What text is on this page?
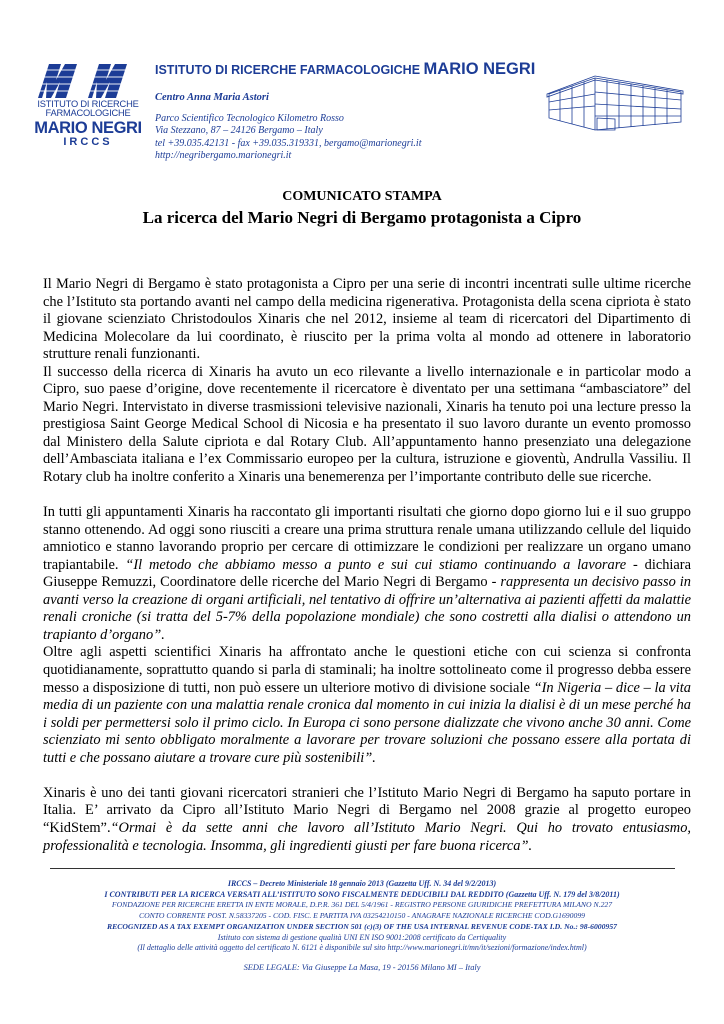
ISTITUTO DI RICERCHE
FARMACOLOGICHE
MARIO NEGRI
IRCCS
ISTITUTO DI RICERCHE FARMACOLOGICHE MARIO NEGRI
Centro Anna Maria Astori
Parco Scientifico Tecnologico Kilometro Rosso
Via Stezzano, 87 – 24126 Bergamo – Italy
tel +39.035.42131 - fax +39.035.319331, bergamo@marionegri.it
http://negribergamo.marionegri.it
COMUNICATO STAMPA
La ricerca del Mario Negri di Bergamo protagonista a Cipro

Il Mario Negri di Bergamo è stato protagonista a Cipro per una serie di incontri incentrati sulle ultime ricerche che l’Istituto sta portando avanti nel campo della medicina rigenerativa. Protagonista della scena cipriota è stato il giovane scienziato Christodoulos Xinaris che nel 2012, insieme al team di ricercatori del Dipartimento di Medicina Molecolare da lui coordinato, è riuscito per la prima volta al mondo ad ottenere in laboratorio strutture renali funzionanti.

Il successo della ricerca di Xinaris ha avuto un eco rilevante a livello internazionale e in particolar modo a Cipro, suo paese d’origine, dove recentemente il ricercatore è diventato per una settimana “ambasciatore” del Mario Negri. Intervistato in diverse trasmissioni televisive nazionali, Xinaris ha tenuto poi una lecture presso la prestigiosa Saint George Medical School di Nicosia e ha presentato il suo lavoro durante un evento promosso dal Ministero della Salute cipriota e dal Rotary Club. All’appuntamento hanno presenziato una delegazione dell’Ambasciata italiana e l’ex Commissario europeo per la cultura, istruzione e gioventù, Andrulla Vassiliu. Il Rotary club ha inoltre conferito a Xinaris una benemerenza per l’importante contributo delle sue ricerche.

In tutti gli appuntamenti Xinaris ha raccontato gli importanti risultati che giorno dopo giorno lui e il suo gruppo stanno ottenendo. Ad oggi sono riusciti a creare una prima struttura renale umana utilizzando cellule del liquido amniotico e stanno lavorando proprio per cercare di ottimizzare le condizioni per realizzare un organo umano trapiantabile. “Il metodo che abbiamo messo a punto e sui cui stiamo continuando a lavorare - dichiara Giuseppe Remuzzi, Coordinatore delle ricerche del Mario Negri di Bergamo - rappresenta un decisivo passo in avanti verso la creazione di organi artificiali, nel tentativo di offrire un’alternativa ai pazienti affetti da malattie renali croniche (si tratta del 5-7% della popolazione mondiale) che sono costretti alla dialisi o attendono un trapianto d’organo”.

Oltre agli aspetti scientifici Xinaris ha affrontato anche le questioni etiche con cui scienza si confronta quotidianamente, soprattutto quando si parla di staminali; ha inoltre sottolineato come il progresso debba essere messo a disposizione di tutti, non può essere un ulteriore motivo di divisione sociale “In Nigeria – dice – la vita media di un paziente con una malattia renale cronica dal momento in cui inizia la dialisi è di un mese perché ha i soldi per permettersi solo il primo ciclo. In Europa ci sono persone dializzate che vivono anche 30 anni. Come scienziato mi sento obbligato moralmente a lavorare per trovare soluzioni che possano essere alla portata di tutti e che possano aiutare a trovare cure più sostenibili”.

Xinaris è uno dei tanti giovani ricercatori stranieri che l’Istituto Mario Negri di Bergamo ha saputo portare in Italia. E’ arrivato da Cipro all’Istituto Mario Negri di Bergamo nel 2008 grazie al progetto europeo “KidStem”.“Ormai è da sette anni che lavoro all’Istituto Mario Negri. Qui ho trovato entusiasmo, professionalità e tecnologia. Insomma, gli ingredienti giusti per fare buona ricerca”.

IRCCS – Decreto Ministeriale 18 gennaio 2013 (Gazzetta Uff. N. 34 del 9/2/2013)
I CONTRIBUTI PER LA RICERCA VERSATI ALL’ISTITUTO SONO FISCALMENTE DEDUCIBILI DAL REDDITO (Gazzetta Uff. N. 179 del 3/8/2011)
FONDAZIONE PER RICERCHE ERETTA IN ENTE MORALE, D.P.R. 361 DEL 5/4/1961 - REGISTRO PERSONE GIURIDICHE PREFETTURA MILANO N.227
CONTO CORRENTE POST. N.58337205 - COD. FISC. E PARTITA IVA 03254210150 - ANAGRAFE NAZIONALE RICERCHE COD.G1690099
RECOGNIZED AS A TAX EXEMPT ORGANIZATION UNDER SECTION 501 (c)(3) OF THE USA INTERNAL REVENUE CODE-TAX I.D. No.: 98-6000957
Istituto con sistema di gestione qualità UNI EN ISO 9001:2008 certificato da Certiquality
(Il dettaglio delle attività oggetto del certificato N. 6121 è disponibile sul sito http://www.marionegri.it/mn/it/sezioni/formazione/index.html)
SEDE LEGALE: Via Giuseppe La Masa, 19 - 20156 Milano MI – Italy
